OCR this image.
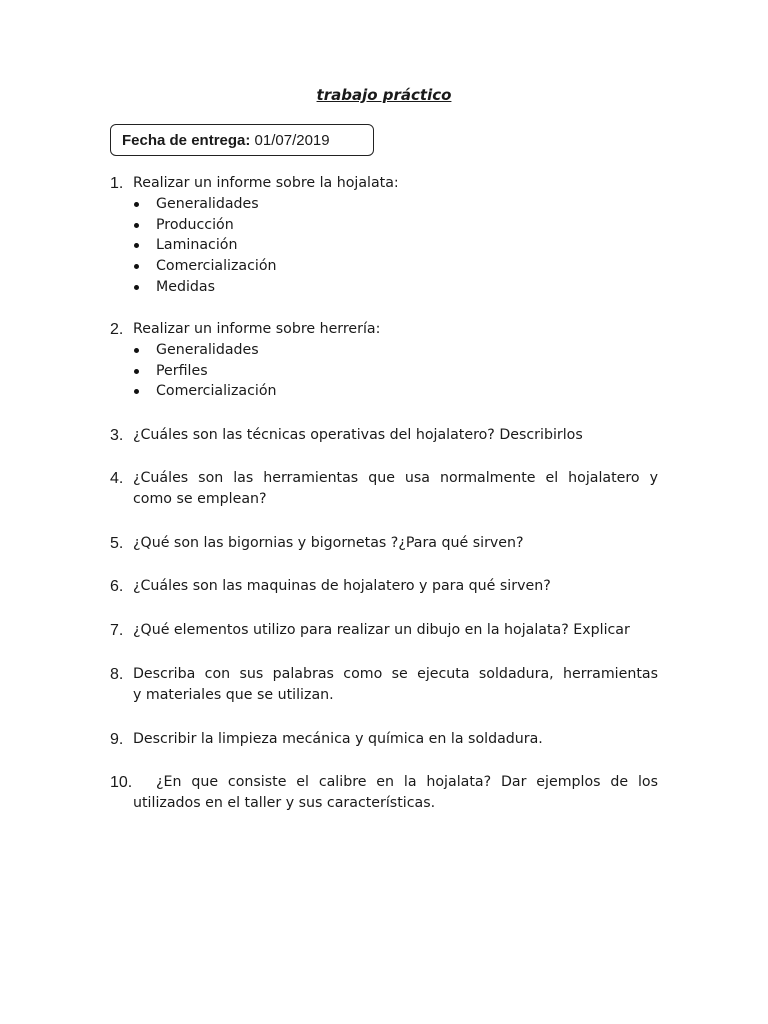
trabajo práctico
Fecha de entrega: 01/07/2019
1. Realizar un informe sobre la hojalata:
Generalidades
Producción
Laminación
Comercialización
Medidas
2. Realizar un informe sobre herrería:
Generalidades
Perfiles
Comercialización
3. ¿Cuáles son las técnicas operativas del hojalatero? Describirlos
4. ¿Cuáles son las herramientas que usa normalmente el hojalatero y
como se emplean?
5. ¿Qué son las bigornias y bigornetas ?¿Para qué sirven?
6. ¿Cuáles son las maquinas de hojalatero y para qué sirven?
7. ¿Qué elementos utilizo para realizar un dibujo en la hojalata? Explicar
8. Describa con sus palabras como se ejecuta soldadura, herramientas
y materiales que se utilizan.
9. Describir la limpieza mecánica y química en la soldadura.
10. ¿En que consiste el calibre en la hojalata? Dar ejemplos de los
utilizados en el taller y sus características.
